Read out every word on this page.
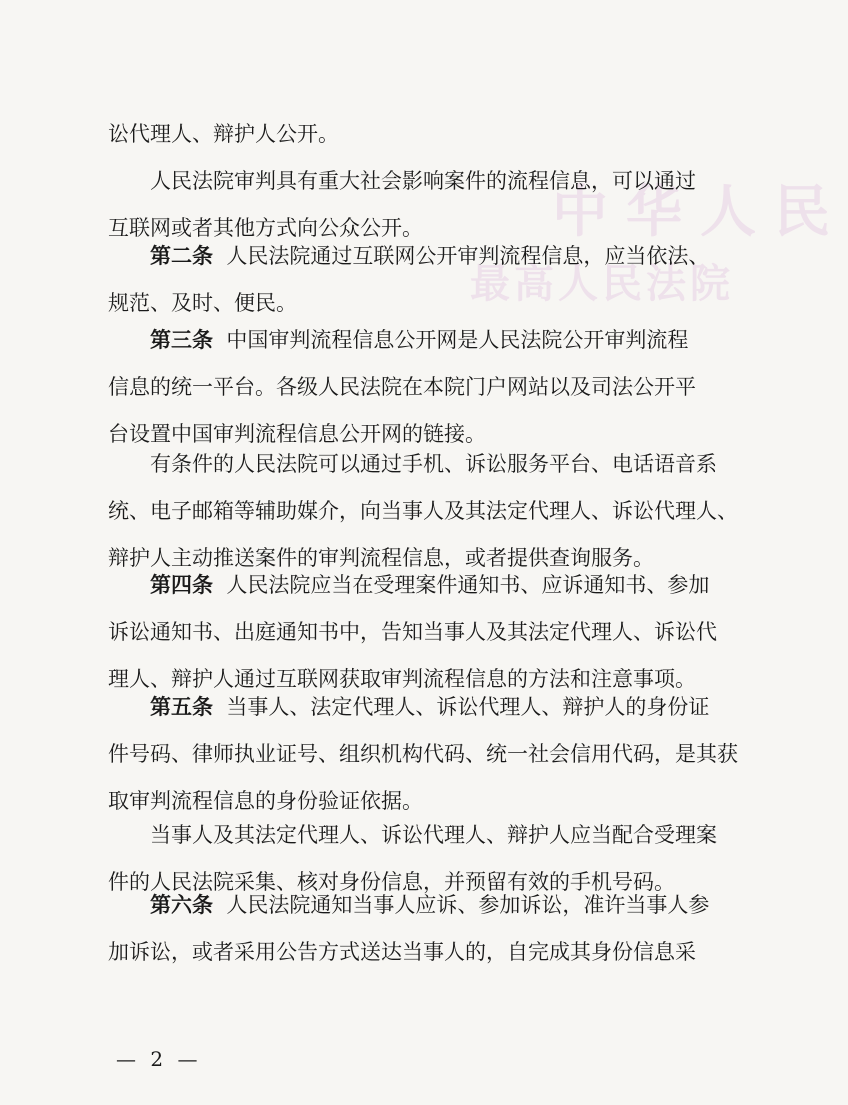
中华人民
最高人民法院
讼代理人、辩护人公开。
人民法院审判具有重大社会影响案件的流程信息，可以通过
互联网或者其他方式向公众公开。
第二条 人民法院通过互联网公开审判流程信息，应当依法、
规范、及时、便民。
第三条 中国审判流程信息公开网是人民法院公开审判流程
信息的统一平台。各级人民法院在本院门户网站以及司法公开平
台设置中国审判流程信息公开网的链接。
有条件的人民法院可以通过手机、诉讼服务平台、电话语音系
统、电子邮箱等辅助媒介，向当事人及其法定代理人、诉讼代理人、
辩护人主动推送案件的审判流程信息，或者提供查询服务。
第四条 人民法院应当在受理案件通知书、应诉通知书、参加
诉讼通知书、出庭通知书中，告知当事人及其法定代理人、诉讼代
理人、辩护人通过互联网获取审判流程信息的方法和注意事项。
第五条 当事人、法定代理人、诉讼代理人、辩护人的身份证
件号码、律师执业证号、组织机构代码、统一社会信用代码，是其获
取审判流程信息的身份验证依据。
当事人及其法定代理人、诉讼代理人、辩护人应当配合受理案
件的人民法院采集、核对身份信息，并预留有效的手机号码。
第六条 人民法院通知当事人应诉、参加诉讼，准许当事人参
加诉讼，或者采用公告方式送达当事人的，自完成其身份信息采
— 2 —
